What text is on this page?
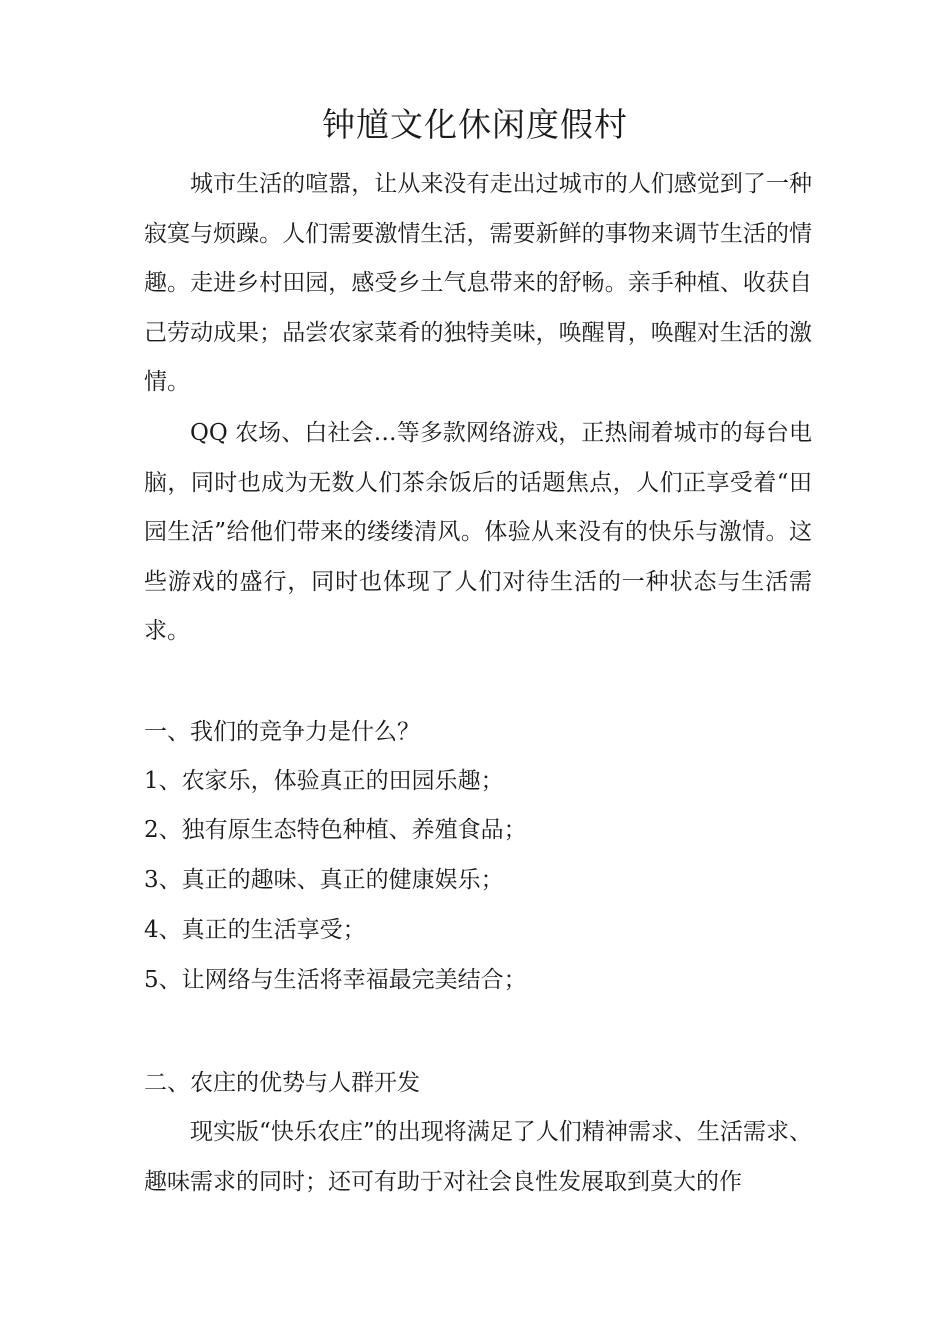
钟馗文化休闲度假村

城市生活的喧嚣，让从来没有走出过城市的人们感觉到了一种寂寞与烦躁。人们需要激情生活，需要新鲜的事物来调节生活的情趣。走进乡村田园，感受乡土气息带来的舒畅。亲手种植、收获自己劳动成果；品尝农家菜肴的独特美味，唤醒胃，唤醒对生活的激情。

QQ 农场、白社会…等多款网络游戏，正热闹着城市的每台电脑，同时也成为无数人们茶余饭后的话题焦点，人们正享受着“田园生活”给他们带来的缕缕清风。体验从来没有的快乐与激情。这些游戏的盛行，同时也体现了人们对待生活的一种状态与生活需求。

一、我们的竞争力是什么？
1、农家乐，体验真正的田园乐趣；
2、独有原生态特色种植、养殖食品；
3、真正的趣味、真正的健康娱乐；
4、真正的生活享受；
5、让网络与生活将幸福最完美结合；
二、农庄的优势与人群开发

现实版“快乐农庄”的出现将满足了人们精神需求、生活需求、趣味需求的同时；还可有助于对社会良性发展取到莫大的作
